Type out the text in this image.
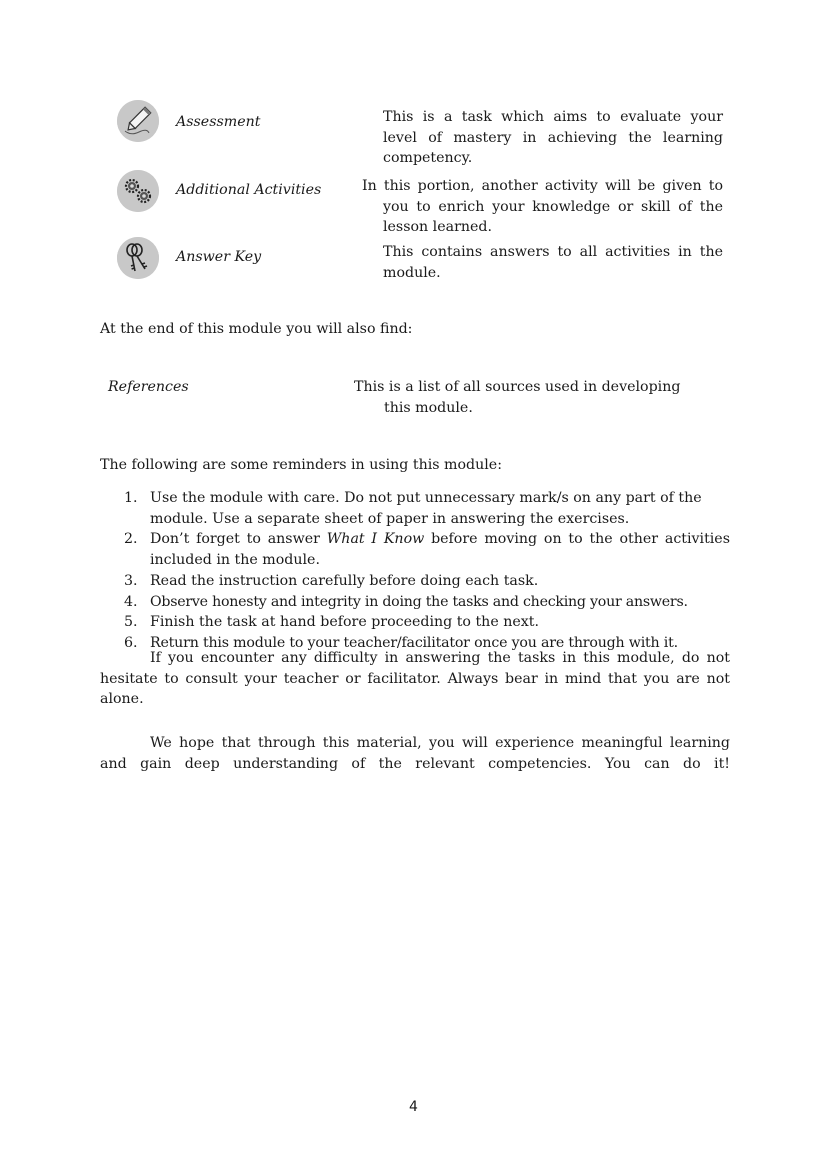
Assessment	This is a task which aims to evaluate your
level of mastery in achieving the learning
competency.
Additional Activities	In this portion, another activity will be given to
you to enrich your knowledge or skill of the
lesson learned.
Answer Key	This contains answers to all activities in the
module.
At the end of this module you will also find:
References	This is a list of all sources used in developing
this module.
The following are some reminders in using this module:
1. Use the module with care. Do not put unnecessary mark/s on any part of the module. Use a separate sheet of paper in answering the exercises.
2. Don’t forget to answer What I Know before moving on to the other activities included in the module.
3. Read the instruction carefully before doing each task.
4. Observe honesty and integrity in doing the tasks and checking your answers.
5. Finish the task at hand before proceeding to the next.
6. Return this module to your teacher/facilitator once you are through with it.

If you encounter any difficulty in answering the tasks in this module, do not hesitate to consult your teacher or facilitator. Always bear in mind that you are not alone.

We hope that through this material, you will experience meaningful learning and gain deep understanding of the relevant competencies. You can do it!

4
